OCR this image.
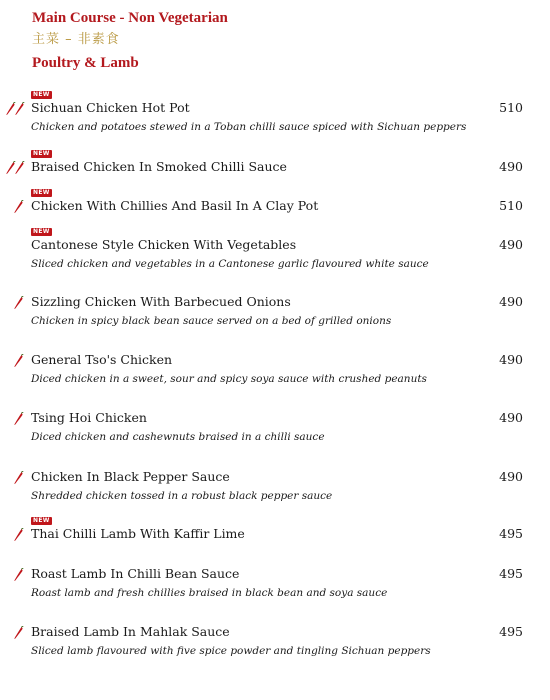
Main Course - Non Vegetarian
主菜 – 非素食
Poultry & Lamb
NEW
Sichuan Chicken Hot Pot	510
Chicken and potatoes stewed in a Toban chilli sauce spiced with Sichuan peppers
NEW
Braised Chicken In Smoked Chilli Sauce	490
NEW
Chicken With Chillies And Basil In A Clay Pot	510
NEW
Cantonese Style Chicken With Vegetables	490
Sliced chicken and vegetables in a Cantonese garlic flavoured white sauce
Sizzling Chicken With Barbecued Onions	490
Chicken in spicy black bean sauce served on a bed of grilled onions
General Tso's Chicken	490
Diced chicken in a sweet, sour and spicy soya sauce with crushed peanuts
Tsing Hoi Chicken	490
Diced chicken and cashewnuts braised in a chilli sauce
Chicken In Black Pepper Sauce	490
Shredded chicken tossed in a robust black pepper sauce
NEW
Thai Chilli Lamb With Kaffir Lime	495
Roast Lamb In Chilli Bean Sauce	495
Roast lamb and fresh chillies braised in black bean and soya sauce
Braised Lamb In Mahlak Sauce	495
Sliced lamb flavoured with five spice powder and tingling Sichuan peppers
